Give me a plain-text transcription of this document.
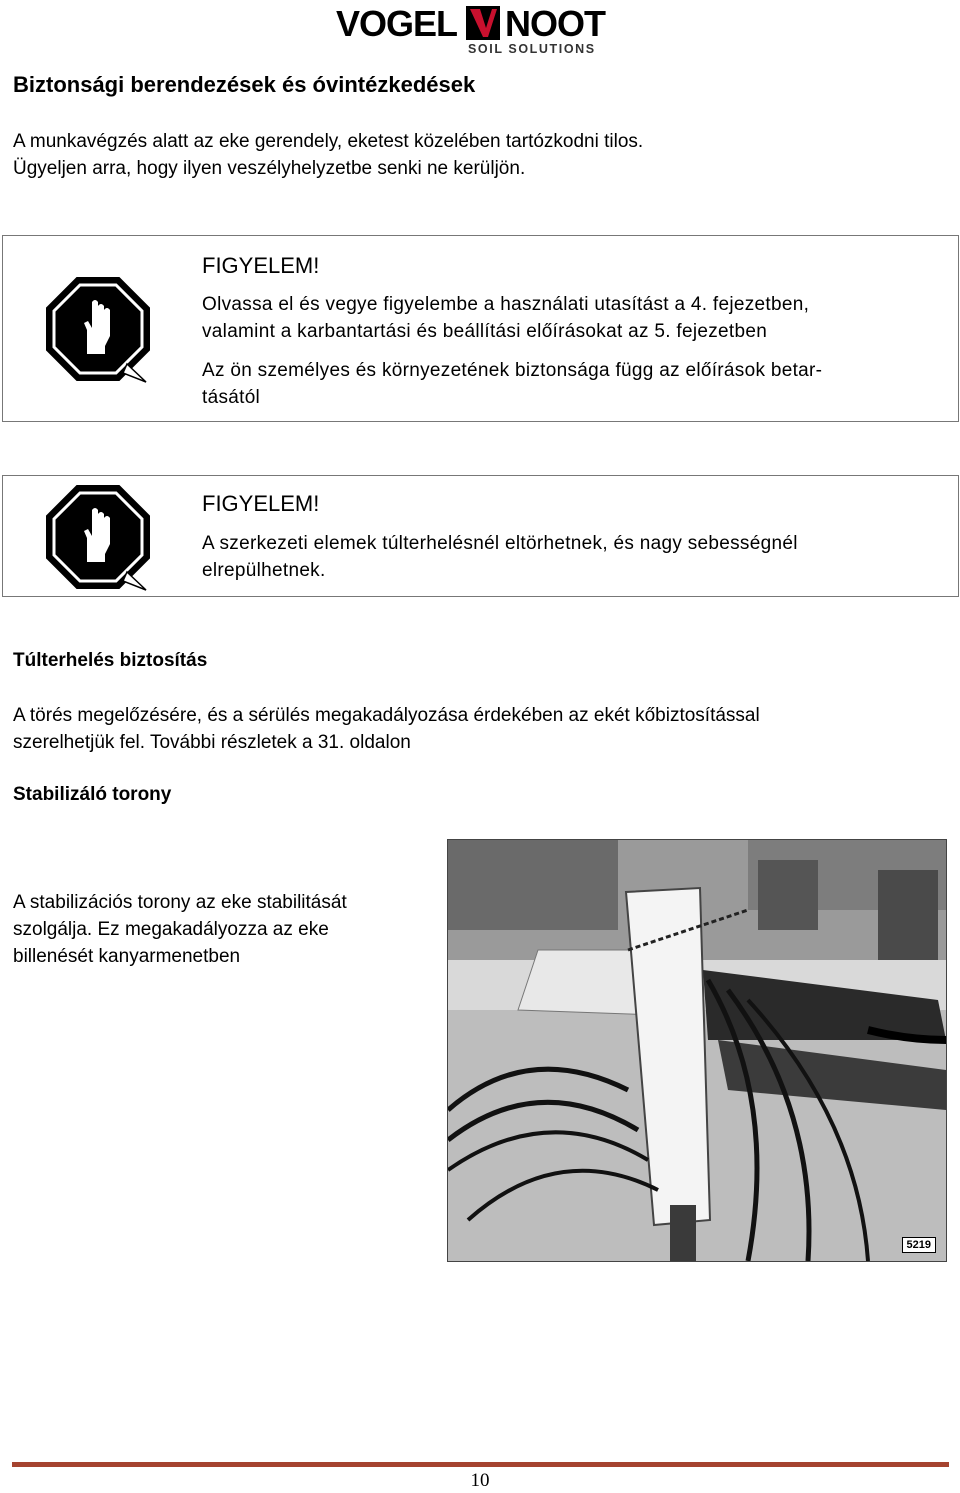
VOGEL NOOT
SOIL SOLUTIONS
Biztonsági berendezések és óvintézkedések
A munkavégzés alatt az eke gerendely, eketest közelében tartózkodni tilos.
Ügyeljen arra, hogy ilyen veszélyhelyzetbe senki ne kerüljön.
FIGYELEM!
Olvassa el és vegye figyelembe a használati utasítást a 4. fejezetben,
valamint a karbantartási és beállítási előírásokat az 5. fejezetben
Az ön személyes és környezetének biztonsága függ az előírások betar-
tásától
FIGYELEM!
A szerkezeti elemek túlterhelésnél eltörhetnek, és nagy sebességnél
elrepülhetnek.
Túlterhelés biztosítás
A törés megelőzésére, és a sérülés megakadályozása érdekében az ekét kőbiztosítással
szerelhetjük fel. További részletek a 31. oldalon
Stabilizáló torony
A stabilizációs torony az eke stabilitását
szolgálja. Ez megakadályozza az eke
billenését kanyarmenetben
5219
10
